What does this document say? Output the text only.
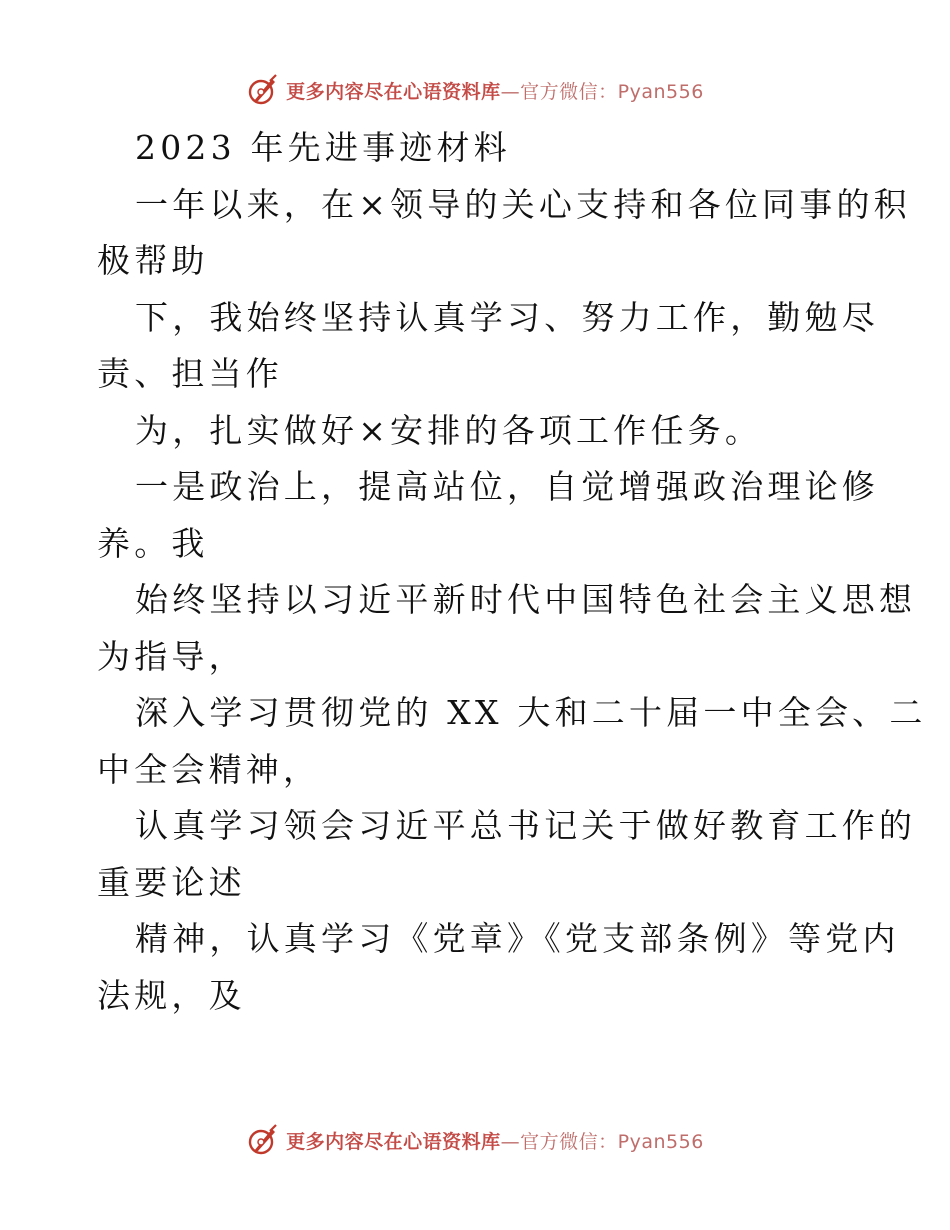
更多内容尽在心语资料库—官方微信：Pyan556
2023 年先进事迹材料
一年以来，在×领导的关心支持和各位同事的积
极帮助
下，我始终坚持认真学习、努力工作，勤勉尽
责、担当作
为，扎实做好×安排的各项工作任务。
一是政治上，提高站位，自觉增强政治理论修
养。我
始终坚持以习近平新时代中国特色社会主义思想
为指导，
深入学习贯彻党的 XX 大和二十届一中全会、二
中全会精神，
认真学习领会习近平总书记关于做好教育工作的
重要论述
精神，认真学习《党章》《党支部条例》等党内
法规，及
更多内容尽在心语资料库—官方微信：Pyan556
